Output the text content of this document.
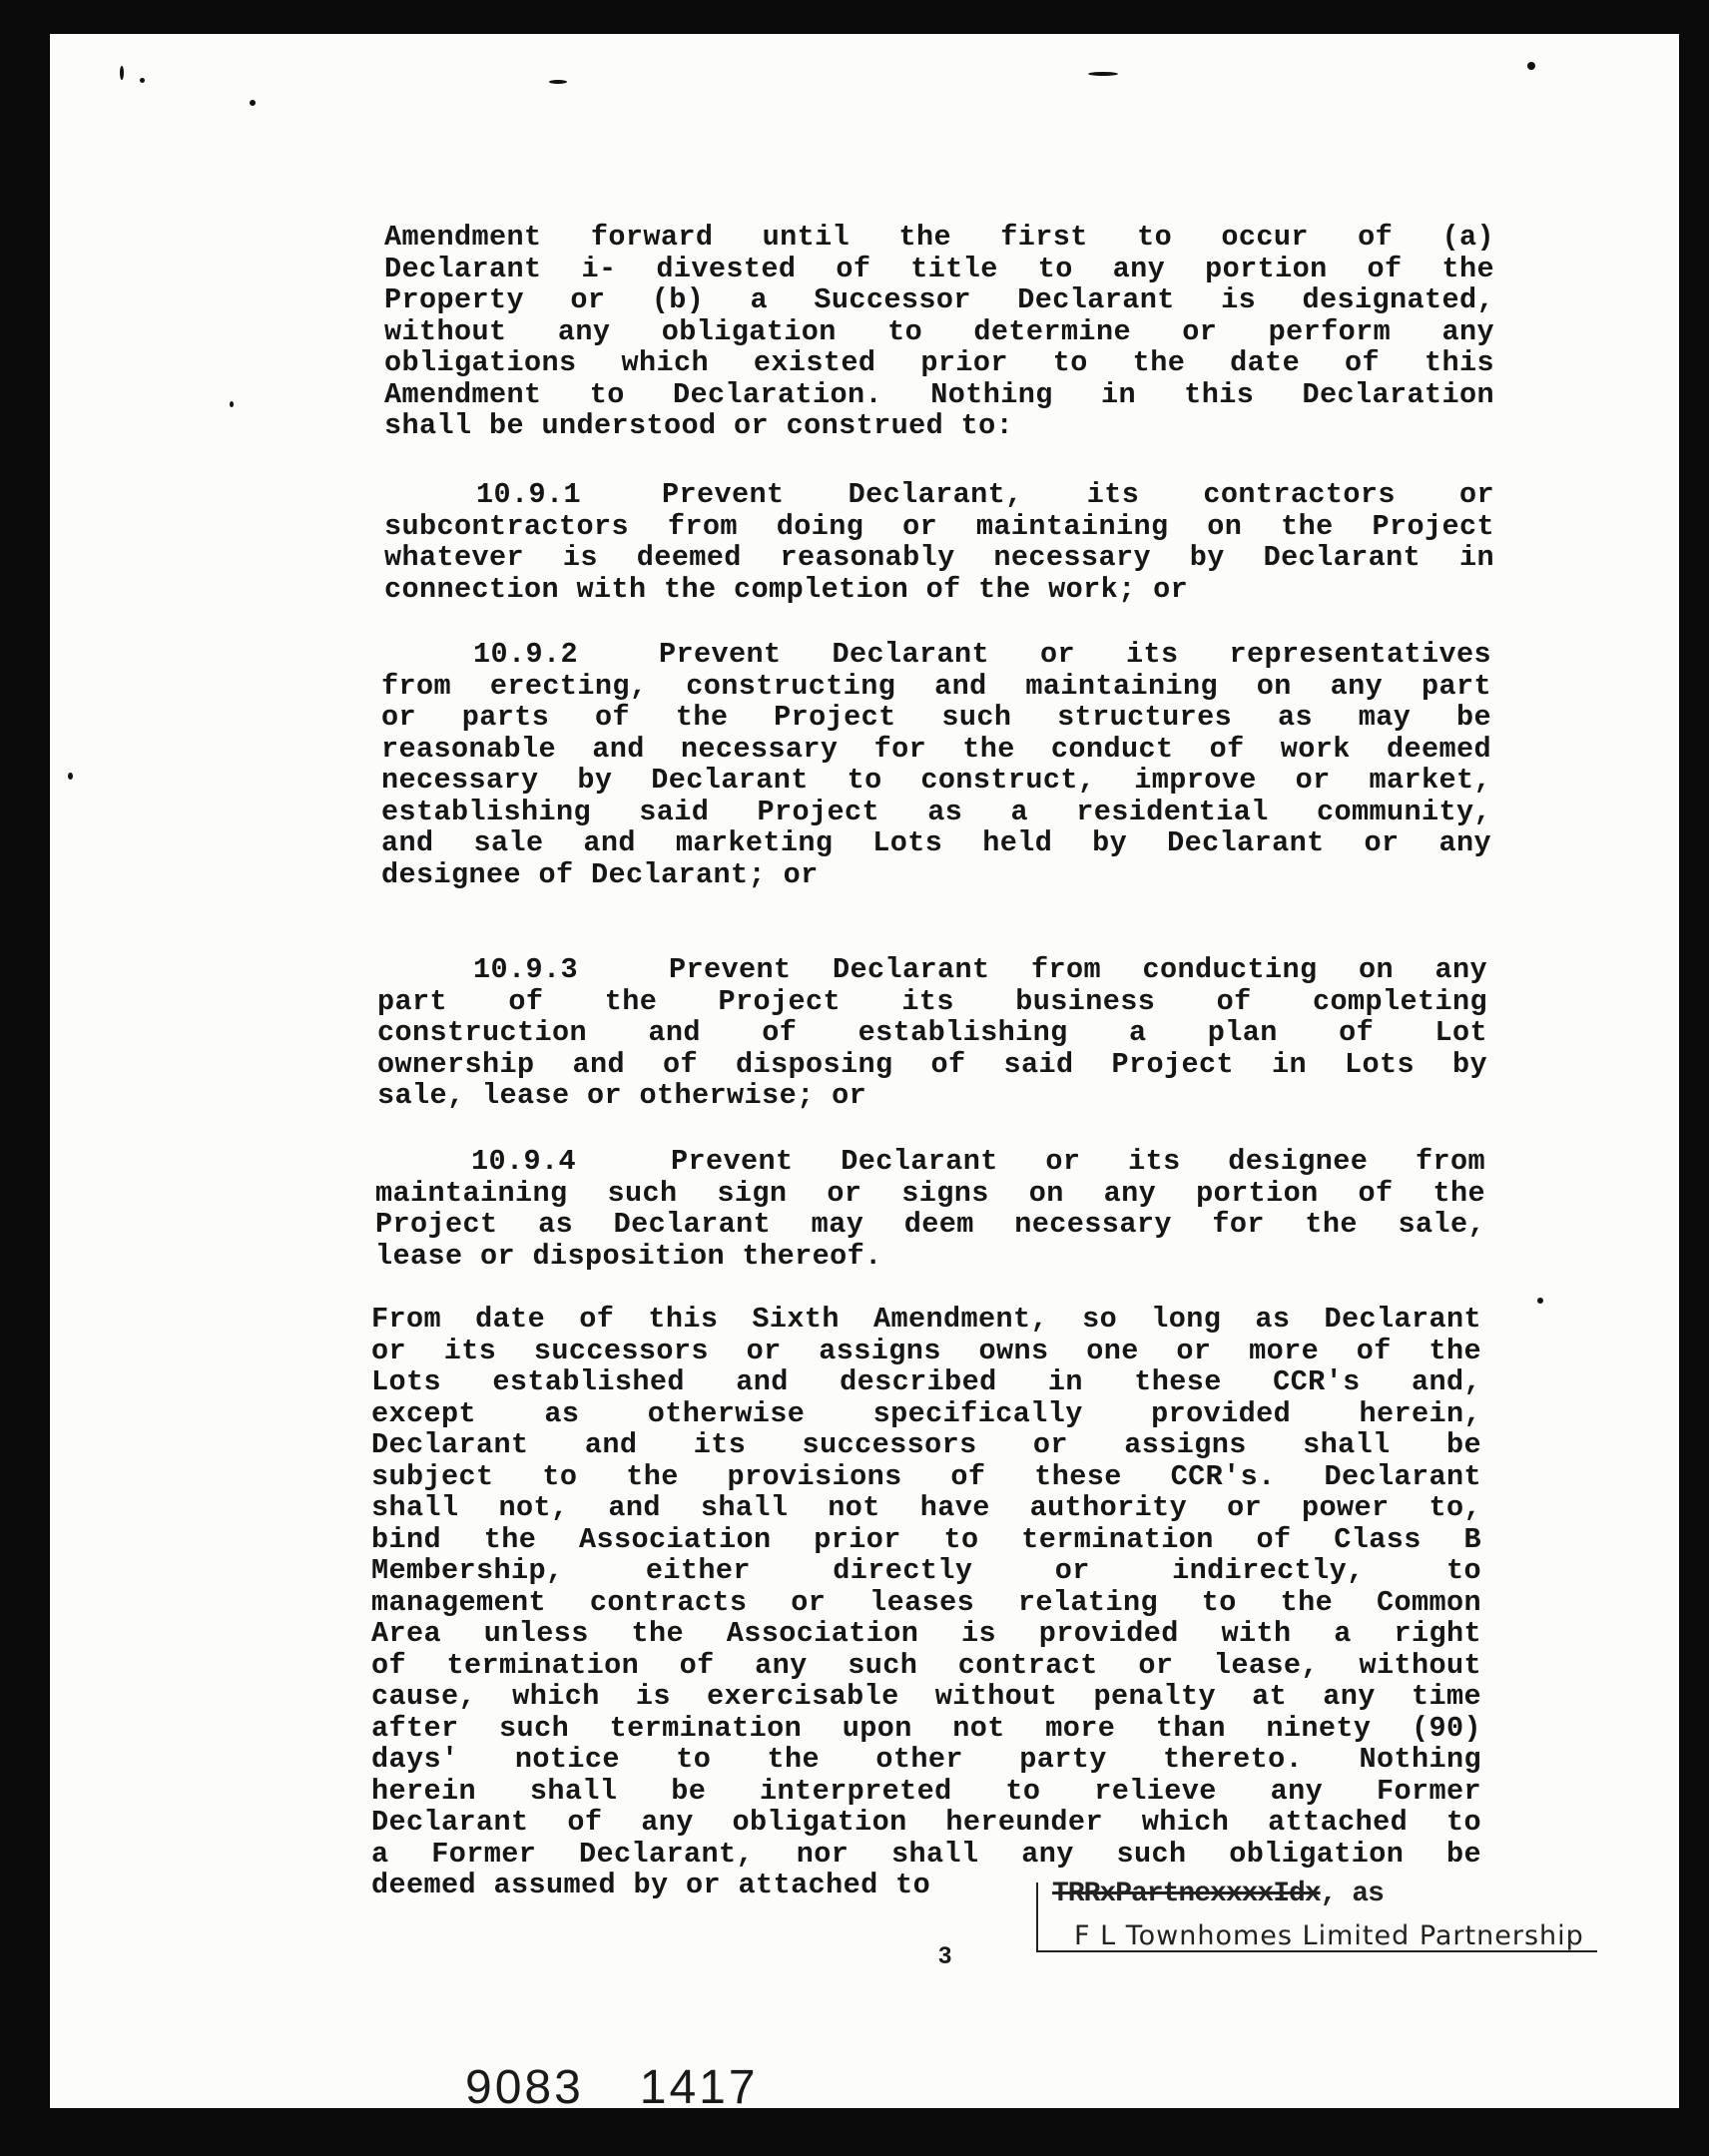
Amendment forward until the first to occur of (a)
Declarant i- divested of title to any portion of the
Property or (b) a Successor Declarant is designated,
without any obligation to determine or perform any
obligations which existed prior to the date of this
Amendment to Declaration. Nothing in this Declaration
shall be understood or construed to:
10.9.1	Prevent Declarant, its contractors or
subcontractors from doing or maintaining on the Project
whatever is deemed reasonably necessary by Declarant in
connection with the completion of the work; or
10.9.2	Prevent Declarant or its representatives
from erecting, constructing and maintaining on any part
or parts of the Project such structures as may be
reasonable and necessary for the conduct of work deemed
necessary by Declarant to construct, improve or market,
establishing said Project as a residential community,
and sale and marketing Lots held by Declarant or any
designee of Declarant; or
10.9.3	Prevent Declarant from conducting on any
part of the Project its business of completing
construction and of establishing a plan of Lot
ownership and of disposing of said Project in Lots by
sale, lease or otherwise; or
10.9.4	Prevent Declarant or its designee from
maintaining such sign or signs on any portion of the
Project as Declarant may deem necessary for the sale,
lease or disposition thereof.
From date of this Sixth Amendment, so long as Declarant
or its successors or assigns owns one or more of the
Lots established and described in these CCR's and,
except as otherwise specifically provided herein,
Declarant and its successors or assigns shall be
subject to the provisions of these CCR's. Declarant
shall not, and shall not have authority or power to,
bind the Association prior to termination of Class B
Membership, either directly or indirectly, to
management contracts or leases relating to the Common
Area unless the Association is provided with a right
of termination of any such contract or lease, without
cause, which is exercisable without penalty at any time
after such termination upon not more than ninety (90)
days' notice to the other party thereto. Nothing
herein shall be interpreted to relieve any Former
Declarant of any obligation hereunder which attached to
a Former Declarant, nor shall any such obligation be
deemed assumed by or attached to	TRRxPartnexxxxIdx, as
F L Townhomes Limited Partnership
3
9083 1417
